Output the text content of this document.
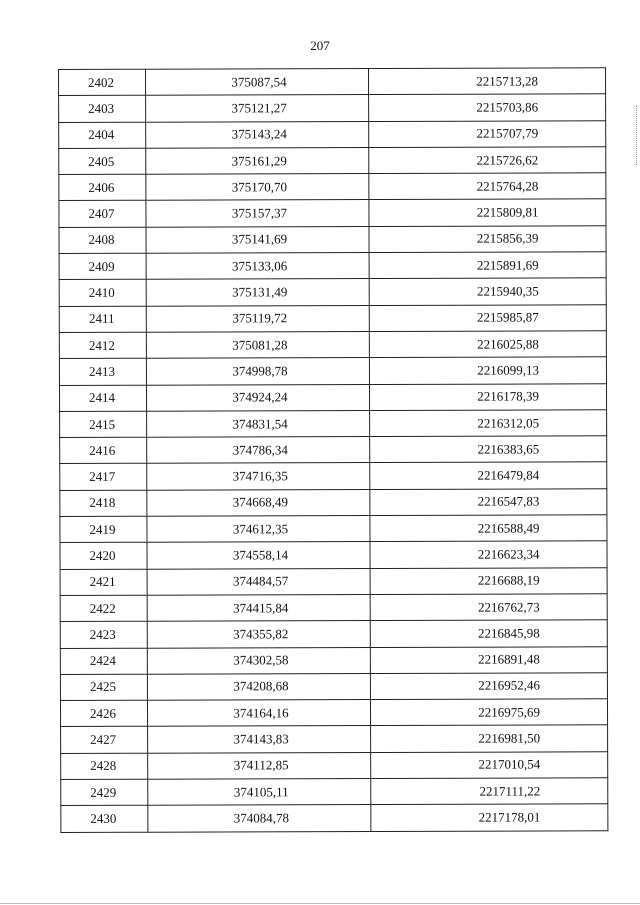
207
2402	375087,54	2215713,28
2403	375121,27	2215703,86
2404	375143,24	2215707,79
2405	375161,29	2215726,62
2406	375170,70	2215764,28
2407	375157,37	2215809,81
2408	375141,69	2215856,39
2409	375133,06	2215891,69
2410	375131,49	2215940,35
2411	375119,72	2215985,87
2412	375081,28	2216025,88
2413	374998,78	2216099,13
2414	374924,24	2216178,39
2415	374831,54	2216312,05
2416	374786,34	2216383,65
2417	374716,35	2216479,84
2418	374668,49	2216547,83
2419	374612,35	2216588,49
2420	374558,14	2216623,34
2421	374484,57	2216688,19
2422	374415,84	2216762,73
2423	374355,82	2216845,98
2424	374302,58	2216891,48
2425	374208,68	2216952,46
2426	374164,16	2216975,69
2427	374143,83	2216981,50
2428	374112,85	2217010,54
2429	374105,11	2217111,22
2430	374084,78	2217178,01
